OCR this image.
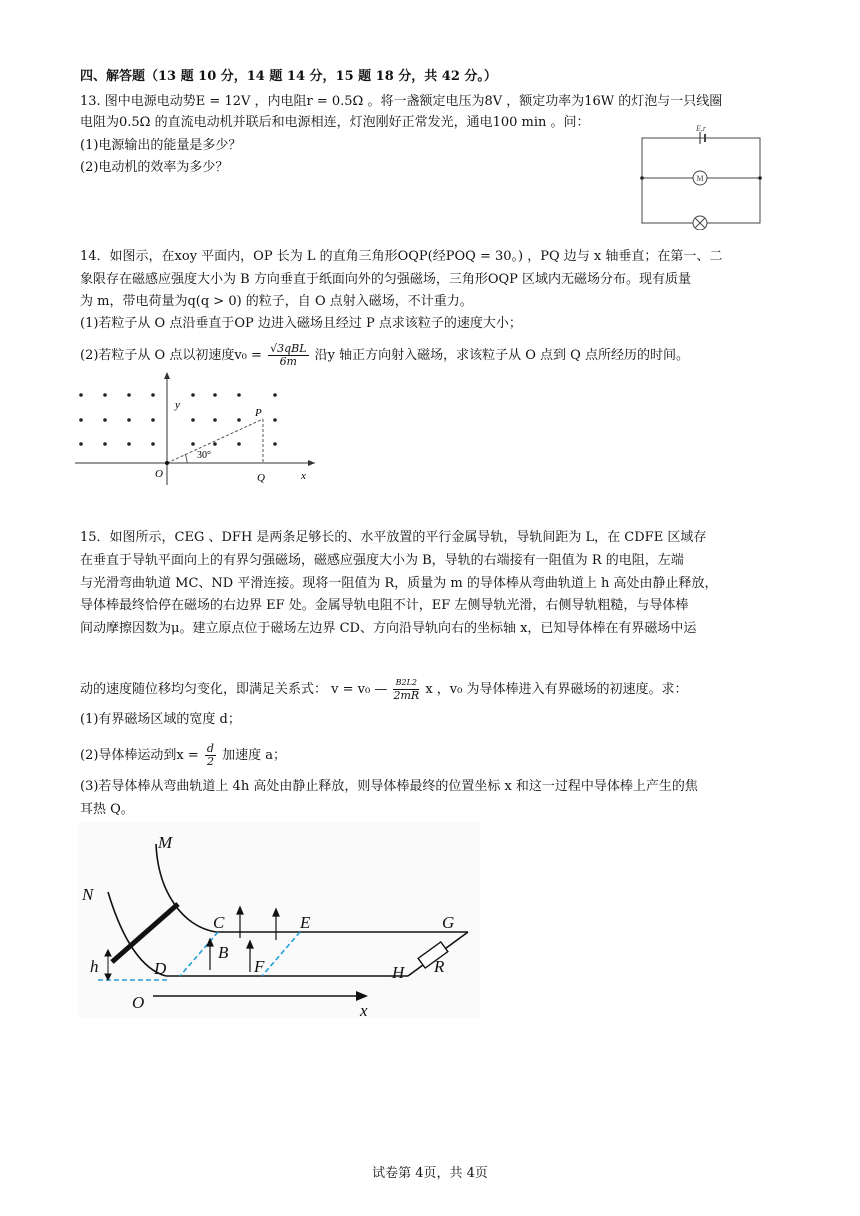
四、解答题（13 题 10 分，14 题 14 分，15 题 18 分，共 42 分。）
13. 图中电源电动势E = 12V ，内电阻r = 0.5Ω 。将一盏额定电压为8V ，额定功率为16W 的灯泡与一只线圈
电阻为0.5Ω 的直流电动机并联后和电源相连，灯泡刚好正常发光，通电100 min 。问：
(1)电源输出的能量是多少？
(2)电动机的效率为多少？
E,r
M
14．如图示，在xoy 平面内，OP 长为 L 的直角三角形OQP(经POQ = 30。) ，PQ 边与 x 轴垂直；在第一、二
象限存在磁感应强度大小为 B 方向垂直于纸面向外的匀强磁场，三角形OQP 区域内无磁场分布。现有质量
为 m，带电荷量为q(q > 0) 的粒子，自 O 点射入磁场，不计重力。
(1)若粒子从 O 点沿垂直于OP 边进入磁场且经过 P 点求该粒子的速度大小；
(2)若粒子从 O 点以初速度$v_0 = \frac{\text{√3qBL}}{6m}$ 沿y 轴正方向射入磁场，求该粒子从 O 点到 Q 点所经历的时间。
y
x
O	Q
P
30°
15．如图所示，CEG 、DFH 是两条足够长的、水平放置的平行金属导轨，导轨间距为 L，在 CDFE 区域存
在垂直于导轨平面向上的有界匀强磁场，磁感应强度大小为 B，导轨的右端接有一阻值为 R 的电阻，左端
与光滑弯曲轨道 MC、ND 平滑连接。现将一阻值为 R，质量为 m 的导体棒从弯曲轨道上 h 高处由静止释放，
导体棒最终恰停在磁场的右边界 EF 处。金属导轨电阻不计，EF 左侧导轨光滑，右侧导轨粗糙，与导体棒
间动摩擦因数为μ。建立原点位于磁场左边界 CD、方向沿导轨向右的坐标轴 x，已知导体棒在有界磁场中运
动的速度随位移均匀变化，即满足关系式： v = v₀ — $\frac{B2L2}{2mR}$ x ，v₀ 为导体棒进入有界磁场的初速度。求：
(1)有界磁场区域的宽度 d；
(2)导体棒运动到$x = \frac{d}{2}$ 加速度 a；
(3)若导体棒从弯曲轨道上 4h 高处由静止释放，则导体棒最终的位置坐标 x 和这一过程中导体棒上产生的焦
耳热 Q。
M
N
C
D
E
F
G
H R
B
h
O	x
试卷第 4页，共 4页
